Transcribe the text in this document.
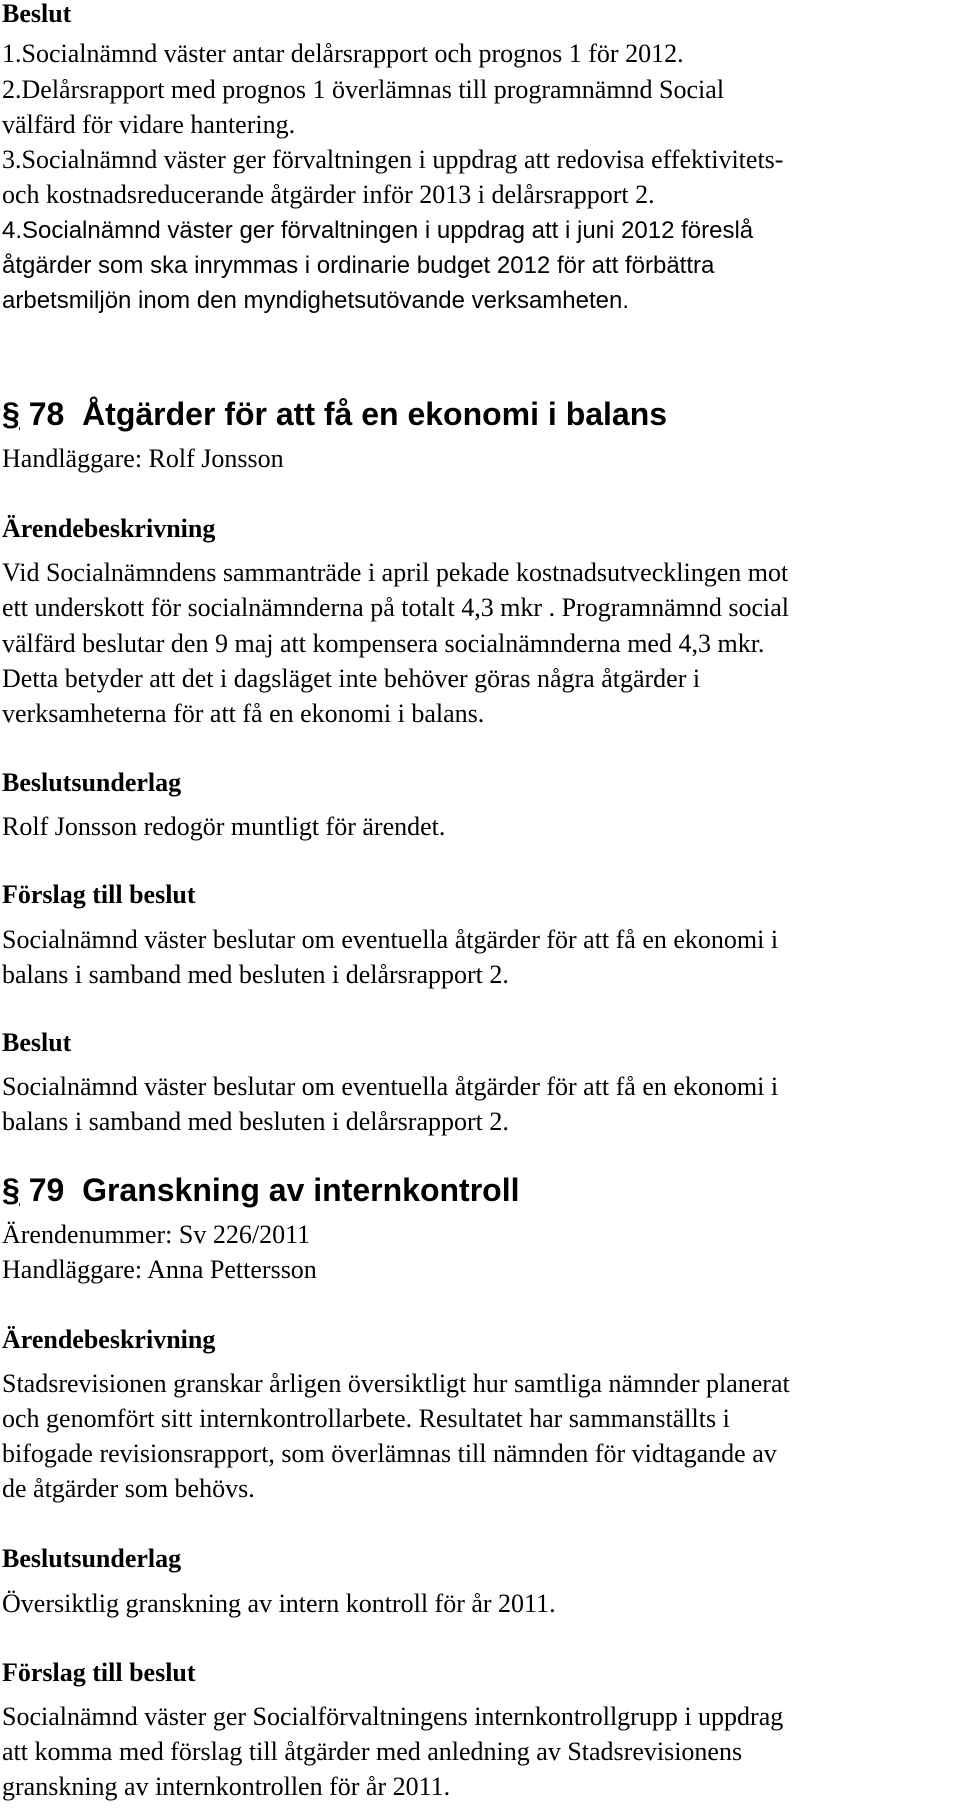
Beslut
1.Socialnämnd väster antar delårsrapport och prognos 1 för 2012.
2.Delårsrapport med prognos 1 överlämnas till programnämnd Social
välfärd för vidare hantering.
3.Socialnämnd väster ger förvaltningen i uppdrag att redovisa effektivitets-
och kostnadsreducerande åtgärder inför 2013 i delårsrapport 2.
4.Socialnämnd väster ger förvaltningen i uppdrag att i juni 2012 föreslå
åtgärder som ska inrymmas i ordinarie budget 2012 för att förbättra
arbetsmiljön inom den myndighetsutövande verksamheten.
§ 78 Åtgärder för att få en ekonomi i balans
Handläggare: Rolf Jonsson
Ärendebeskrivning
Vid Socialnämndens sammanträde i april pekade kostnadsutvecklingen mot
ett underskott för socialnämnderna på totalt 4,3 mkr . Programnämnd social
välfärd beslutar den 9 maj att kompensera socialnämnderna med 4,3 mkr.
Detta betyder att det i dagsläget inte behöver göras några åtgärder i
verksamheterna för att få en ekonomi i balans.
Beslutsunderlag
Rolf Jonsson redogör muntligt för ärendet.
Förslag till beslut
Socialnämnd väster beslutar om eventuella åtgärder för att få en ekonomi i
balans i samband med besluten i delårsrapport 2.
Beslut
Socialnämnd väster beslutar om eventuella åtgärder för att få en ekonomi i
balans i samband med besluten i delårsrapport 2.
§ 79 Granskning av internkontroll
Ärendenummer: Sv 226/2011
Handläggare: Anna Pettersson
Ärendebeskrivning
Stadsrevisionen granskar årligen översiktligt hur samtliga nämnder planerat
och genomfört sitt internkontrollarbete. Resultatet har sammanställts i
bifogade revisionsrapport, som överlämnas till nämnden för vidtagande av
de åtgärder som behövs.
Beslutsunderlag
Översiktlig granskning av intern kontroll för år 2011.
Förslag till beslut
Socialnämnd väster ger Socialförvaltningens internkontrollgrupp i uppdrag
att komma med förslag till åtgärder med anledning av Stadsrevisionens
granskning av internkontrollen för år 2011.
